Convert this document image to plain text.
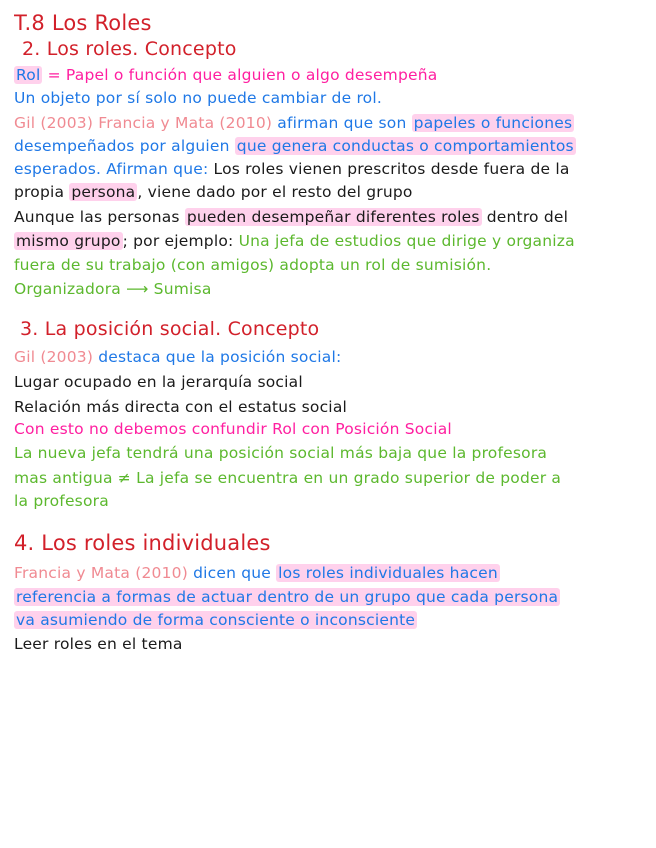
T.8 Los Roles
2. Los roles. Concepto
Rol = Papel o función que alguien o algo desempeña
Un objeto por sí solo no puede cambiar de rol.
Gil (2003) Francia y Mata (2010) afirman que son papeles o funciones
desempeñados por alguien que genera conductas o comportamientos
esperados. Afirman que: Los roles vienen prescritos desde fuera de la
propia persona , viene dado por el resto del grupo
Aunque las personas pueden desempeñar diferentes roles dentro del
mismo grupo ; por ejemplo: Una jefa de estudios que dirige y organiza
fuera de su trabajo (con amigos) adopta un rol de sumisión.
Organizadora ⟶ Sumisa
3. La posición social. Concepto
Gil (2003) destaca que la posición social:
Lugar ocupado en la jerarquía social
Relación más directa con el estatus social
Con esto no debemos confundir Rol con Posición Social
La nueva jefa tendrá una posición social más baja que la profesora
mas antigua ≠ La jefa se encuentra en un grado superior de poder a
la profesora
4. Los roles individuales
Francia y Mata (2010) dicen que los roles individuales hacen
referencia a formas de actuar dentro de un grupo que cada persona
va asumiendo de forma consciente o inconsciente
Leer roles en el tema
